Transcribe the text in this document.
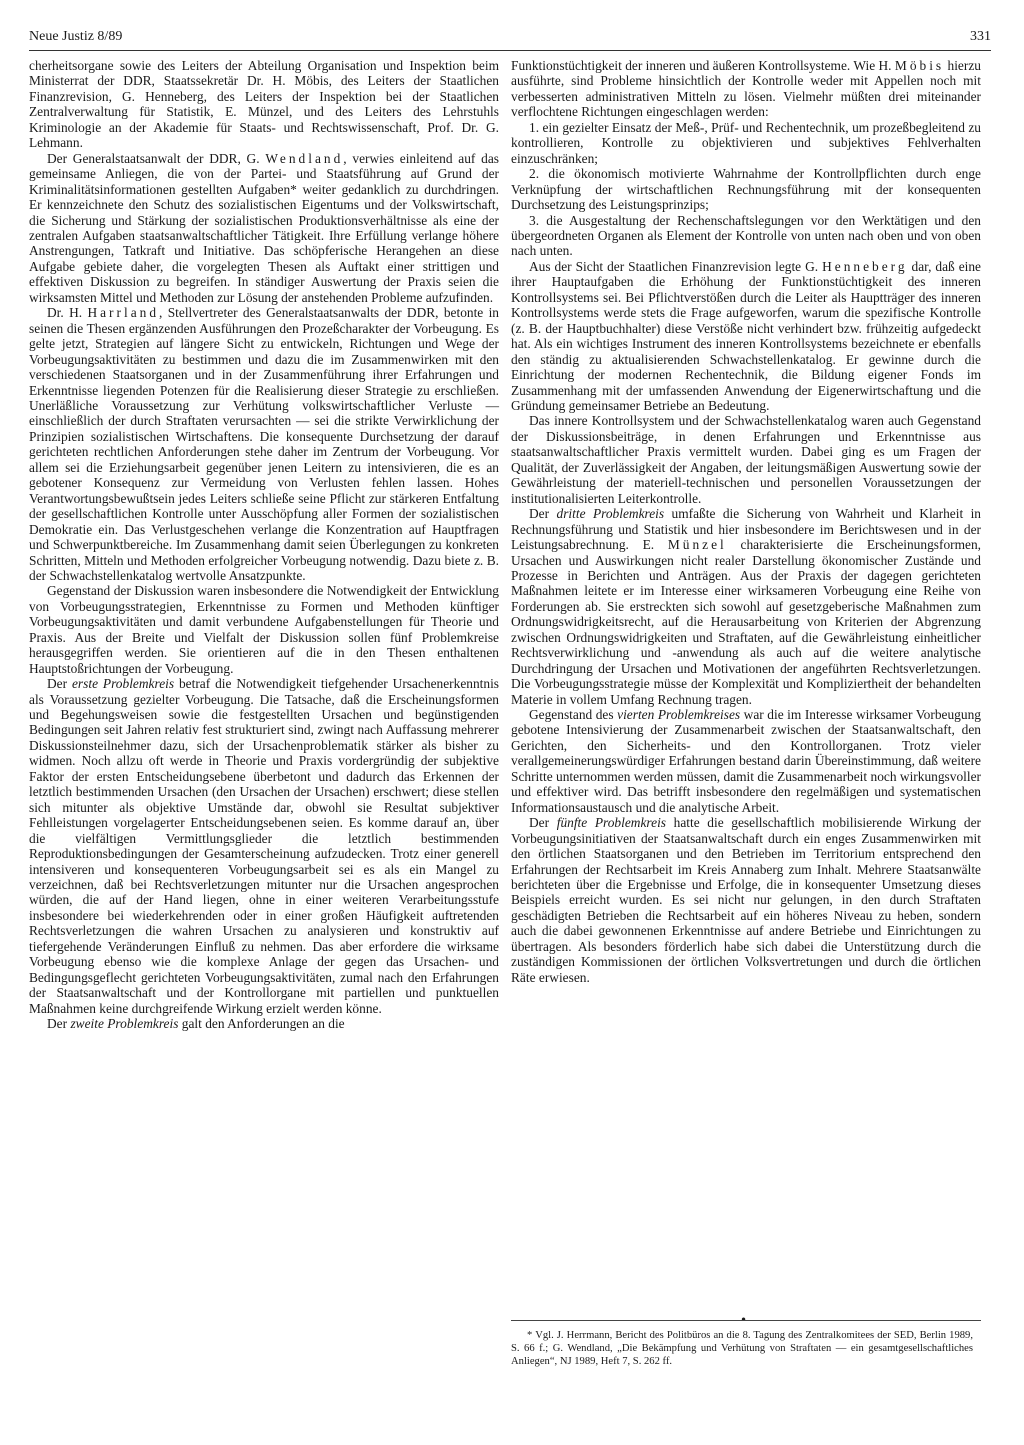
Neue Justiz 8/89	331

cherheitsorgane sowie des Leiters der Abteilung Organisation und Inspektion beim Ministerrat der DDR, Staatssekretär Dr. H. Möbis, des Leiters der Staatlichen Finanzrevision, G. Henneberg, des Leiters der Inspektion bei der Staatlichen Zentralverwaltung für Statistik, E. Münzel, und des Leiters des Lehrstuhls Kriminologie an der Akademie für Staats- und Rechtswissenschaft, Prof. Dr. G. Lehmann.

Der Generalstaatsanwalt der DDR, G. Wendland, verwies einleitend auf das gemeinsame Anliegen, die von der Partei- und Staatsführung auf Grund der Kriminalitätsinformationen gestellten Aufgaben* weiter gedanklich zu durchdringen. Er kennzeichnete den Schutz des sozialistischen Eigentums und der Volkswirtschaft, die Sicherung und Stärkung der sozialistischen Produktionsverhältnisse als eine der zentralen Aufgaben staatsanwaltschaftlicher Tätigkeit. Ihre Erfüllung verlange höhere Anstrengungen, Tatkraft und Initiative. Das schöpferische Herangehen an diese Aufgabe gebiete daher, die vorgelegten Thesen als Auftakt einer strittigen und effektiven Diskussion zu begreifen. In ständiger Auswertung der Praxis seien die wirksamsten Mittel und Methoden zur Lösung der anstehenden Probleme aufzufinden.

Dr. H. Harrland, Stellvertreter des Generalstaatsanwalts der DDR, betonte in seinen die Thesen ergänzenden Ausführungen den Prozeßcharakter der Vorbeugung. Es gelte jetzt, Strategien auf längere Sicht zu entwickeln, Richtungen und Wege der Vorbeugungsaktivitäten zu bestimmen und dazu die im Zusammenwirken mit den verschiedenen Staatsorganen und in der Zusammenführung ihrer Erfahrungen und Erkenntnisse liegenden Potenzen für die Realisierung dieser Strategie zu erschließen. Unerläßliche Voraussetzung zur Verhütung volkswirtschaftlicher Verluste — einschließlich der durch Straftaten verursachten — sei die strikte Verwirklichung der Prinzipien sozialistischen Wirtschaftens. Die konsequente Durchsetzung der darauf gerichteten rechtlichen Anforderungen stehe daher im Zentrum der Vorbeugung. Vor allem sei die Erziehungsarbeit gegenüber jenen Leitern zu intensivieren, die es an gebotener Konsequenz zur Vermeidung von Verlusten fehlen lassen. Hohes Verantwortungsbewußtsein jedes Leiters schließe seine Pflicht zur stärkeren Entfaltung der gesellschaftlichen Kontrolle unter Ausschöpfung aller Formen der sozialistischen Demokratie ein. Das Verlustgeschehen verlange die Konzentration auf Hauptfragen und Schwerpunktbereiche. Im Zusammenhang damit seien Überlegungen zu konkreten Schritten, Mitteln und Methoden erfolgreicher Vorbeugung notwendig. Dazu biete z. B. der Schwachstellenkatalog wertvolle Ansatzpunkte.

Gegenstand der Diskussion waren insbesondere die Notwendigkeit der Entwicklung von Vorbeugungsstrategien, Erkenntnisse zu Formen und Methoden künftiger Vorbeugungsaktivitäten und damit verbundene Aufgabenstellungen für Theorie und Praxis. Aus der Breite und Vielfalt der Diskussion sollen fünf Problemkreise herausgegriffen werden. Sie orientieren auf die in den Thesen enthaltenen Hauptstoßrichtungen der Vorbeugung.

Der erste Problemkreis betraf die Notwendigkeit tiefgehender Ursachenerkenntnis als Voraussetzung gezielter Vorbeugung. Die Tatsache, daß die Erscheinungsformen und Begehungsweisen sowie die festgestellten Ursachen und begünstigenden Bedingungen seit Jahren relativ fest strukturiert sind, zwingt nach Auffassung mehrerer Diskussionsteilnehmer dazu, sich der Ursachenproblematik stärker als bisher zu widmen. Noch allzu oft werde in Theorie und Praxis vordergründig der subjektive Faktor der ersten Entscheidungsebene überbetont und dadurch das Erkennen der letztlich bestimmenden Ursachen (den Ursachen der Ursachen) erschwert; diese stellen sich mitunter als objektive Umstände dar, obwohl sie Resultat subjektiver Fehlleistungen vorgelagerter Entscheidungsebenen seien. Es komme darauf an, über die vielfältigen Vermittlungsglieder die letztlich bestimmenden Reproduktionsbedingungen der Gesamterscheinung aufzudecken. Trotz einer generell intensiveren und konsequenteren Vorbeugungsarbeit sei es als ein Mangel zu verzeichnen, daß bei Rechtsverletzungen mitunter nur die Ursachen angesprochen würden, die auf der Hand liegen, ohne in einer weiteren Verarbeitungsstufe insbesondere bei wiederkehrenden oder in einer großen Häufigkeit auftretenden Rechtsverletzungen die wahren Ursachen zu analysieren und konstruktiv auf tiefergehende Veränderungen Einfluß zu nehmen. Das aber erfordere die wirksame Vorbeugung ebenso wie die komplexe Anlage der gegen das Ursachen- und Bedingungsgeflecht gerichteten Vorbeugungsaktivitäten, zumal nach den Erfahrungen der Staatsanwaltschaft und der Kontrollorgane mit partiellen und punktuellen Maßnahmen keine durchgreifende Wirkung erzielt werden könne.

Der zweite Problemkreis galt den Anforderungen an die

Funktionstüchtigkeit der inneren und äußeren Kontrollsysteme. Wie H. Möbis hierzu ausführte, sind Probleme hinsichtlich der Kontrolle weder mit Appellen noch mit verbesserten administrativen Mitteln zu lösen. Vielmehr müßten drei miteinander verflochtene Richtungen eingeschlagen werden:

1. ein gezielter Einsatz der Meß-, Prüf- und Rechentechnik, um prozeßbegleitend zu kontrollieren, Kontrolle zu objektivieren und subjektives Fehlverhalten einzuschränken;

2. die ökonomisch motivierte Wahrnahme der Kontrollpflichten durch enge Verknüpfung der wirtschaftlichen Rechnungsführung mit der konsequenten Durchsetzung des Leistungsprinzips;

3. die Ausgestaltung der Rechenschaftslegungen vor den Werktätigen und den übergeordneten Organen als Element der Kontrolle von unten nach oben und von oben nach unten.

Aus der Sicht der Staatlichen Finanzrevision legte G. Henneberg dar, daß eine ihrer Hauptaufgaben die Erhöhung der Funktionstüchtigkeit des inneren Kontrollsystems sei. Bei Pflichtverstößen durch die Leiter als Hauptträger des inneren Kontrollsystems werde stets die Frage aufgeworfen, warum die spezifische Kontrolle (z. B. der Hauptbuchhalter) diese Verstöße nicht verhindert bzw. frühzeitig aufgedeckt hat. Als ein wichtiges Instrument des inneren Kontrollsystems bezeichnete er ebenfalls den ständig zu aktualisierenden Schwachstellenkatalog. Er gewinne durch die Einrichtung der modernen Rechentechnik, die Bildung eigener Fonds im Zusammenhang mit der umfassenden Anwendung der Eigenerwirtschaftung und die Gründung gemeinsamer Betriebe an Bedeutung.

Das innere Kontrollsystem und der Schwachstellenkatalog waren auch Gegenstand der Diskussionsbeiträge, in denen Erfahrungen und Erkenntnisse aus staatsanwaltschaftlicher Praxis vermittelt wurden. Dabei ging es um Fragen der Qualität, der Zuverlässigkeit der Angaben, der leitungsmäßigen Auswertung sowie der Gewährleistung der materiell-technischen und personellen Voraussetzungen der institutionalisierten Leiterkontrolle.

Der dritte Problemkreis umfaßte die Sicherung von Wahrheit und Klarheit in Rechnungsführung und Statistik und hier insbesondere im Berichtswesen und in der Leistungsabrechnung. E. Münzel charakterisierte die Erscheinungsformen, Ursachen und Auswirkungen nicht realer Darstellung ökonomischer Zustände und Prozesse in Berichten und Anträgen. Aus der Praxis der dagegen gerichteten Maßnahmen leitete er im Interesse einer wirksameren Vorbeugung eine Reihe von Forderungen ab. Sie erstreckten sich sowohl auf gesetzgeberische Maßnahmen zum Ordnungswidrigkeitsrecht, auf die Herausarbeitung von Kriterien der Abgrenzung zwischen Ordnungswidrigkeiten und Straftaten, auf die Gewährleistung einheitlicher Rechtsverwirklichung und -anwendung als auch auf die weitere analytische Durchdringung der Ursachen und Motivationen der angeführten Rechtsverletzungen. Die Vorbeugungsstrategie müsse der Komplexität und Kompliziertheit der behandelten Materie in vollem Umfang Rechnung tragen.

Gegenstand des vierten Problemkreises war die im Interesse wirksamer Vorbeugung gebotene Intensivierung der Zusammenarbeit zwischen der Staatsanwaltschaft, den Gerichten, den Sicherheits- und den Kontrollorganen. Trotz vieler verallgemeinerungswürdiger Erfahrungen bestand darin Übereinstimmung, daß weitere Schritte unternommen werden müssen, damit die Zusammenarbeit noch wirkungsvoller und effektiver wird. Das betrifft insbesondere den regelmäßigen und systematischen Informationsaustausch und die analytische Arbeit.

Der fünfte Problemkreis hatte die gesellschaftlich mobilisierende Wirkung der Vorbeugungsinitiativen der Staatsanwaltschaft durch ein enges Zusammenwirken mit den örtlichen Staatsorganen und den Betrieben im Territorium entsprechend den Erfahrungen der Rechtsarbeit im Kreis Annaberg zum Inhalt. Mehrere Staatsanwälte berichteten über die Ergebnisse und Erfolge, die in konsequenter Umsetzung dieses Beispiels erreicht wurden. Es sei nicht nur gelungen, in den durch Straftaten geschädigten Betrieben die Rechtsarbeit auf ein höheres Niveau zu heben, sondern auch die dabei gewonnenen Erkenntnisse auf andere Betriebe und Einrichtungen zu übertragen. Als besonders förderlich habe sich dabei die Unterstützung durch die zuständigen Kommissionen der örtlichen Volksvertretungen und durch die örtlichen Räte erwiesen.

* Vgl. J. Herrmann, Bericht des Politbüros an die 8. Tagung des Zentralkomitees der SED, Berlin 1989, S. 66 f.; G. Wendland, „Die Bekämpfung und Verhütung von Straftaten — ein gesamtgesellschaftliches Anliegen“, NJ 1989, Heft 7, S. 262 ff.
